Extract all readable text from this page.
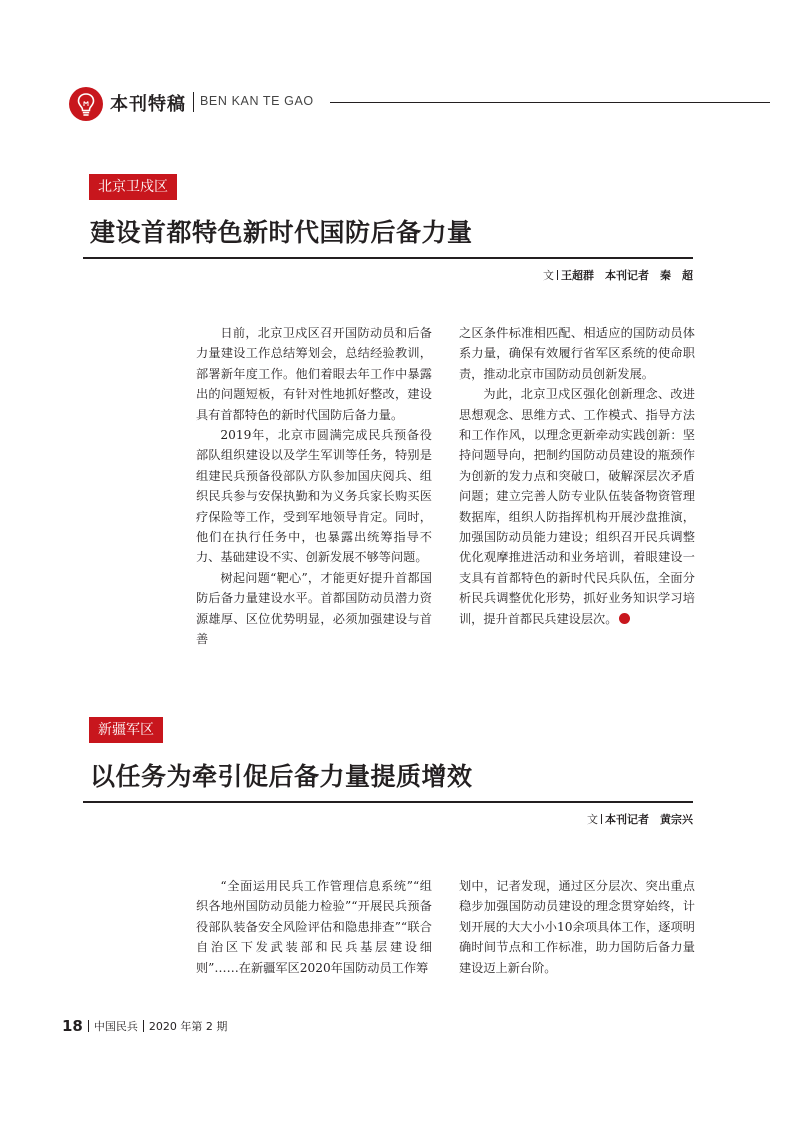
本刊特稿 BEN KAN TE GAO
北京卫戍区
建设首都特色新时代国防后备力量
文 王超群　本刊记者　秦　超

日前，北京卫戍区召开国防动员和后备力量建设工作总结筹划会，总结经验教训，部署新年度工作。他们着眼去年工作中暴露出的问题短板，有针对性地抓好整改，建设具有首都特色的新时代国防后备力量。

2019年，北京市圆满完成民兵预备役部队组织建设以及学生军训等任务，特别是组建民兵预备役部队方队参加国庆阅兵、组织民兵参与安保执勤和为义务兵家长购买医疗保险等工作，受到军地领导肯定。同时，他们在执行任务中，也暴露出统筹指导不力、基础建设不实、创新发展不够等问题。

树起问题“靶心”，才能更好提升首都国防后备力量建设水平。首都国防动员潜力资源雄厚、区位优势明显，必须加强建设与首善

之区条件标准相匹配、相适应的国防动员体系力量，确保有效履行省军区系统的使命职责，推动北京市国防动员创新发展。

为此，北京卫戍区强化创新理念、改进思想观念、思维方式、工作模式、指导方法和工作作风，以理念更新牵动实践创新：坚持问题导向，把制约国防动员建设的瓶颈作为创新的发力点和突破口，破解深层次矛盾问题；建立完善人防专业队伍装备物资管理数据库，组织人防指挥机构开展沙盘推演，加强国防动员能力建设；组织召开民兵调整优化观摩推进活动和业务培训，着眼建设一支具有首都特色的新时代民兵队伍，全面分析民兵调整优化形势，抓好业务知识学习培训，提升首都民兵建设层次。

新疆军区
以任务为牵引促后备力量提质增效
文 本刊记者　黄宗兴

“全面运用民兵工作管理信息系统”“组织各地州国防动员能力检验”“开展民兵预备役部队装备安全风险评估和隐患排查”“联合自治区下发武装部和民兵基层建设细则”……在新疆军区2020年国防动员工作筹

划中，记者发现，通过区分层次、突出重点稳步加强国防动员建设的理念贯穿始终，计划开展的大大小小10余项具体工作，逐项明确时间节点和工作标准，助力国防后备力量建设迈上新台阶。

18 中国民兵 2020 年第 2 期
